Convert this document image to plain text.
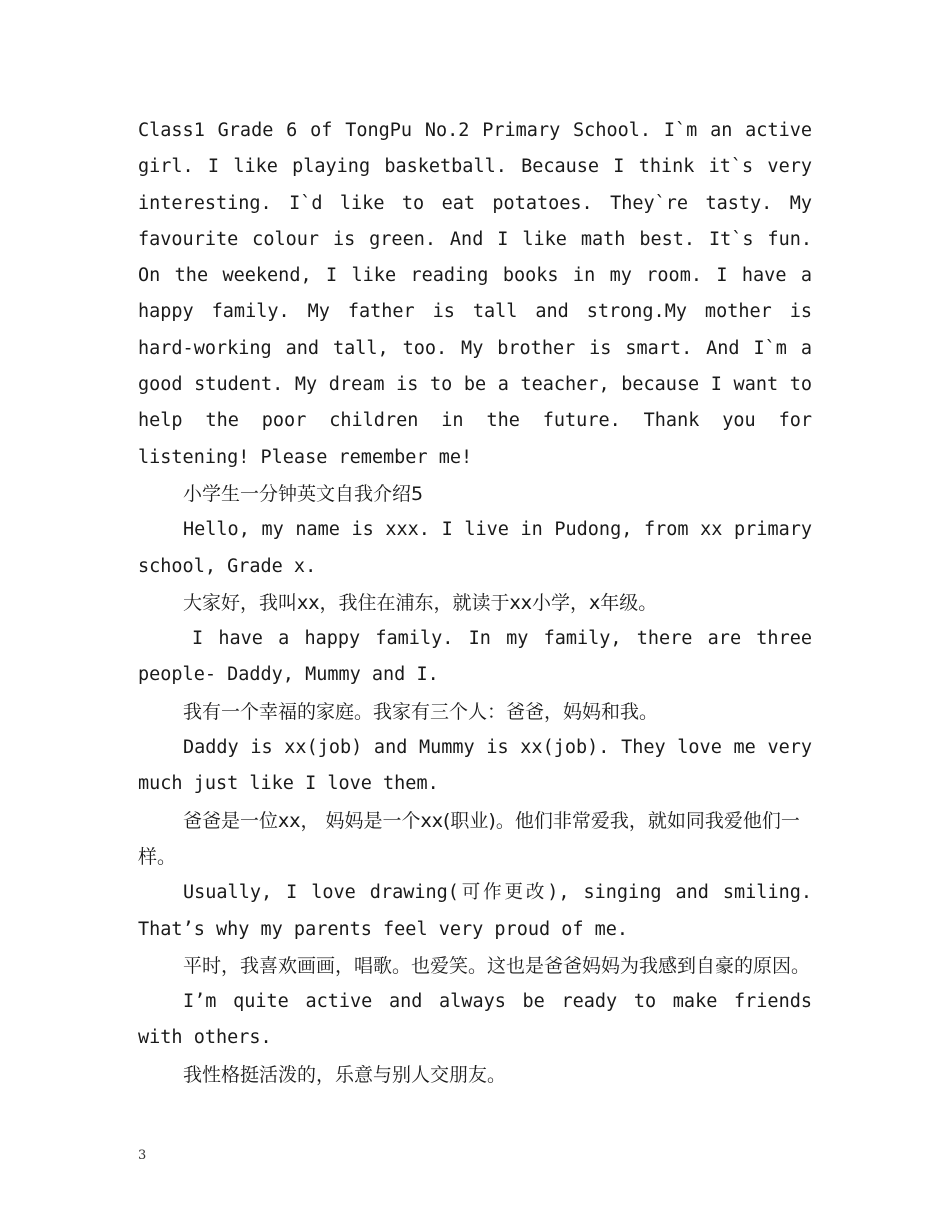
Class1 Grade 6 of TongPu No.2 Primary School. I`m an active girl. I like playing basketball. Because I think it`s very interesting. I`d like to eat potatoes. They`re tasty. My favourite colour is green. And I like math best. It`s fun. On the weekend, I like reading books in my room. I have a happy family. My father is tall and strong.My mother is hard-working and tall, too. My brother is smart. And I`m a good student. My dream is to be a teacher, because I want to help the poor children in the future. Thank you for listening! Please remember me!

小学生一分钟英文自我介绍5

Hello, my name is xxx. I live in Pudong, from xx primary school, Grade x.

大家好，我叫xx，我住在浦东，就读于xx小学，x年级。

I have a happy family. In my family, there are three people- Daddy, Mummy and I.

我有一个幸福的家庭。我家有三个人：爸爸，妈妈和我。

Daddy is xx(job) and Mummy is xx(job). They love me very much just like I love them.

爸爸是一位xx， 妈妈是一个xx(职业)。他们非常爱我，就如同我爱他们一样。

Usually, I love drawing(可作更改), singing and smiling. That’s why my parents feel very proud of me.

平时，我喜欢画画，唱歌。也爱笑。这也是爸爸妈妈为我感到自豪的原因。

I’m quite active and always be ready to make friends with others.

我性格挺活泼的，乐意与别人交朋友。

3
